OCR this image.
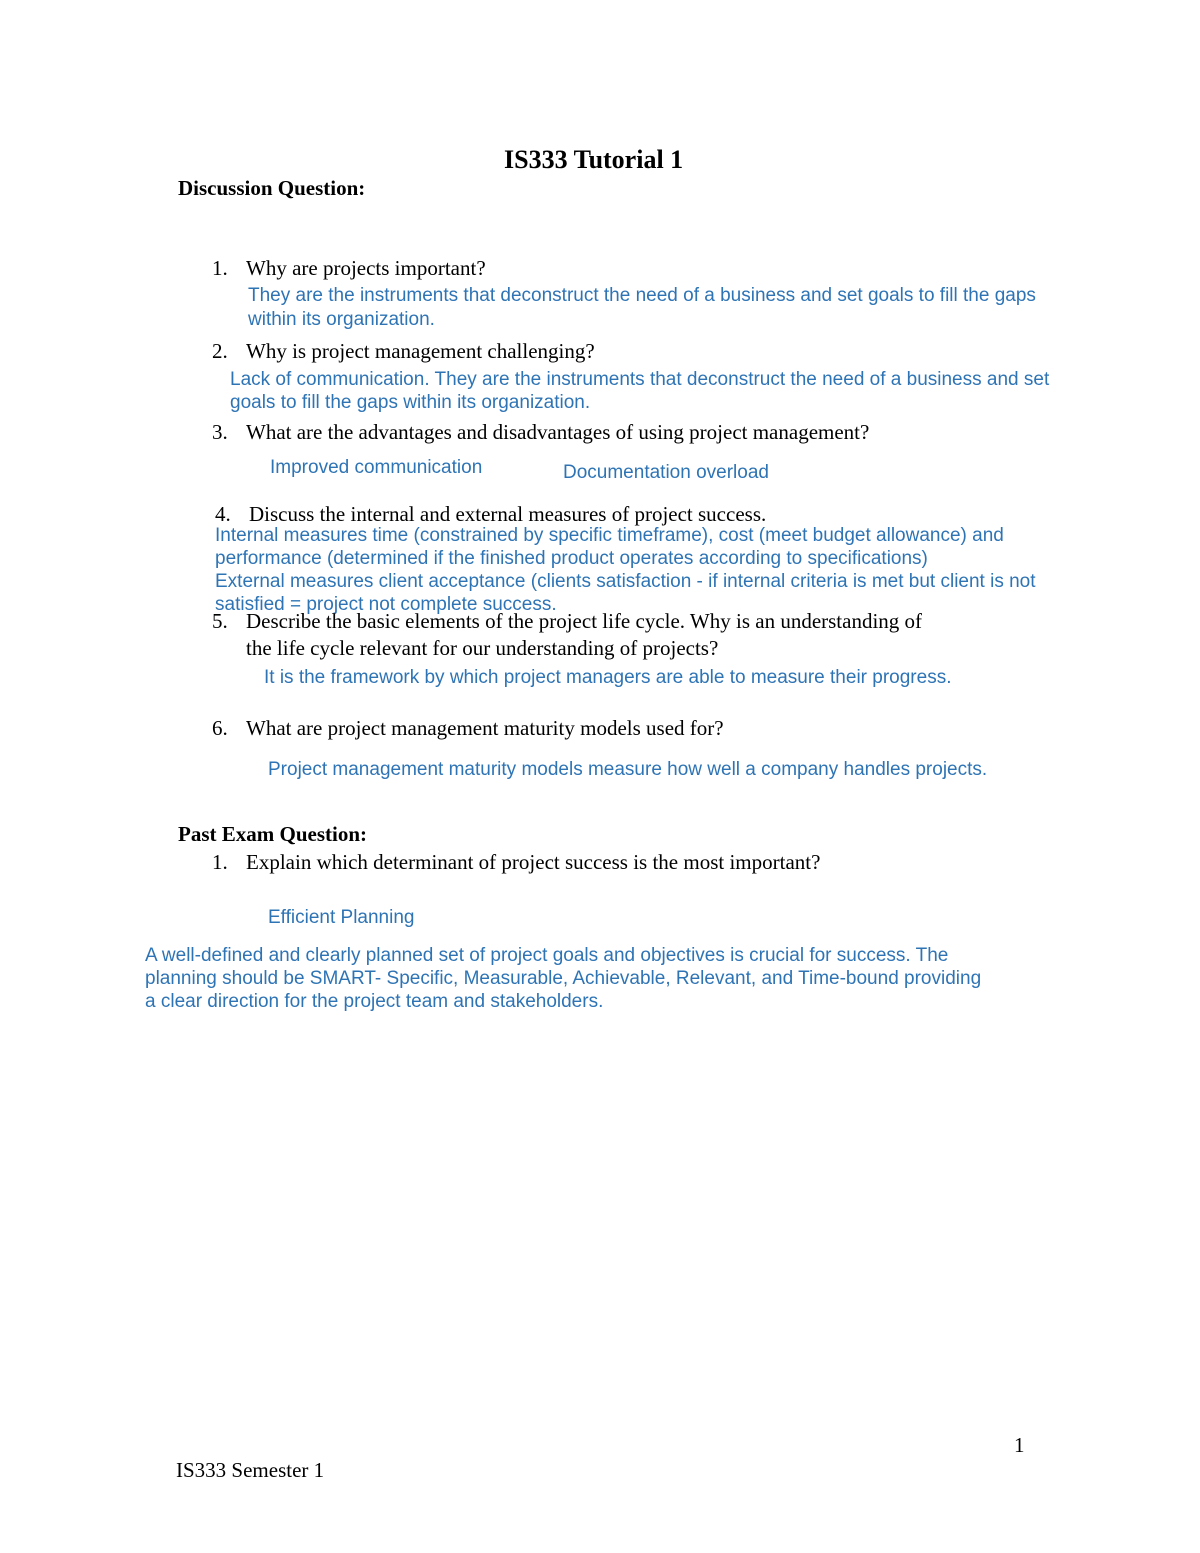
IS333 Tutorial 1
Discussion Question:
1. Why are projects important?
They are the instruments that deconstruct the need of a business and set goals to fill the gaps
within its organization.
2. Why is project management challenging?
Lack of communication. They are the instruments that deconstruct the need of a business and set
goals to fill the gaps within its organization.
3. What are the advantages and disadvantages of using project management?
Improved communication	Documentation overload
4. Discuss the internal and external measures of project success.
Internal measures time (constrained by specific timeframe), cost (meet budget allowance) and
performance (determined if the finished product operates according to specifications)
External measures client acceptance (clients satisfaction - if internal criteria is met but client is not
satisfied = project not complete success.
5. Describe the basic elements of the project life cycle. Why is an understanding of
the life cycle relevant for our understanding of projects?
It is the framework by which project managers are able to measure their progress.
6. What are project management maturity models used for?
Project management maturity models measure how well a company handles projects.
Past Exam Question:
1. Explain which determinant of project success is the most important?
Efficient Planning
A well-defined and clearly planned set of project goals and objectives is crucial for success. The
planning should be SMART- Specific, Measurable, Achievable, Relevant, and Time-bound providing
a clear direction for the project team and stakeholders.
1
IS333 Semester 1
